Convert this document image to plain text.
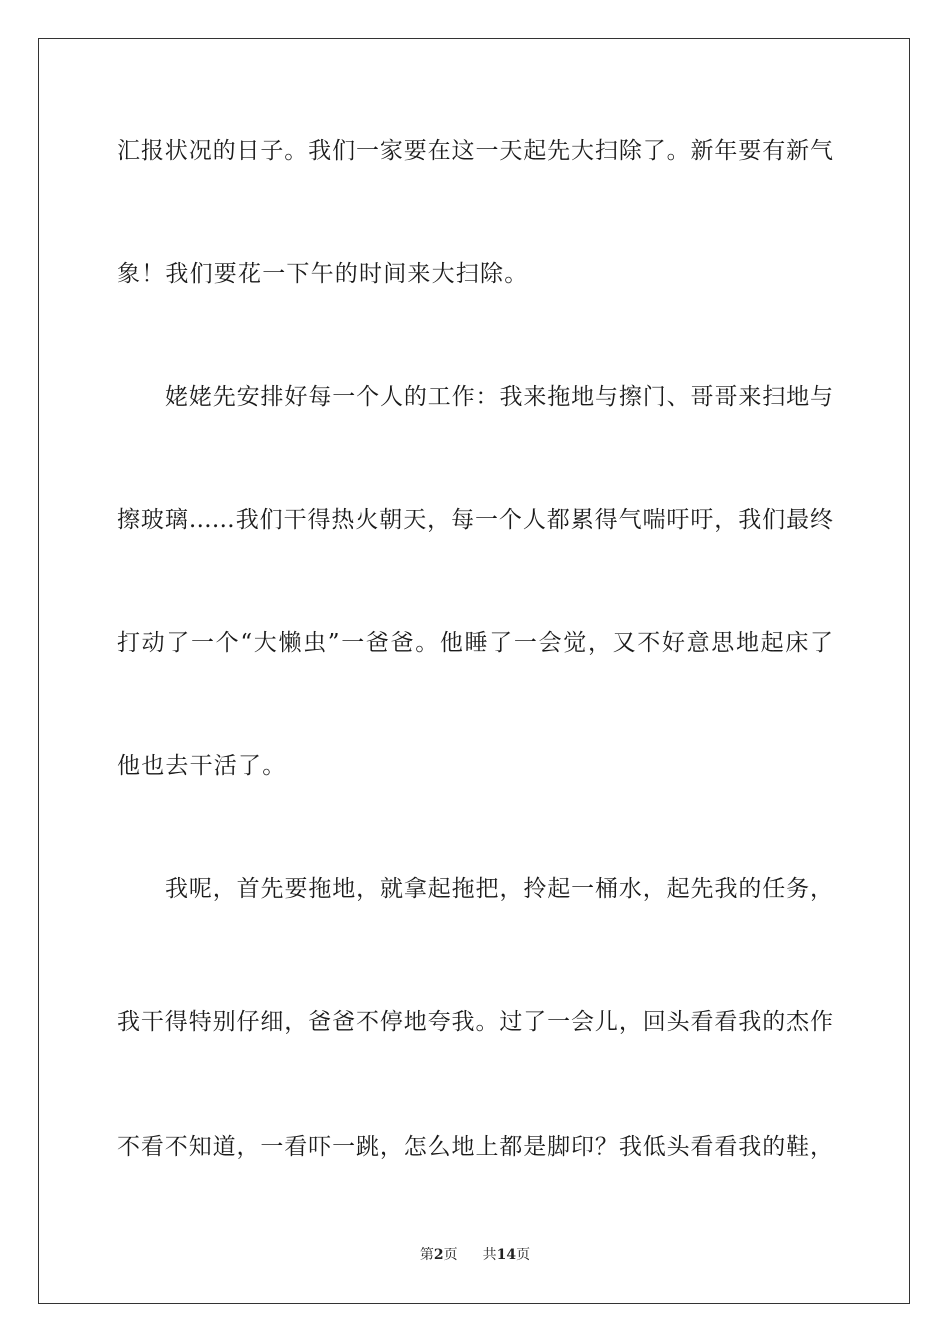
汇报状况的日子。我们一家要在这一天起先大扫除了。新年要有新气
象！我们要花一下午的时间来大扫除。
姥姥先安排好每一个人的工作：我来拖地与擦门、哥哥来扫地与
擦玻璃……我们干得热火朝天，每一个人都累得气喘吁吁，我们最终
打动了一个“大懒虫”一爸爸。他睡了一会觉，又不好意思地起床了
他也去干活了。
我呢，首先要拖地，就拿起拖把，拎起一桶水，起先我的任务，
我干得特别仔细，爸爸不停地夸我。过了一会儿，回头看看我的杰作
不看不知道，一看吓一跳，怎么地上都是脚印？我低头看看我的鞋，
第2页 共14页
